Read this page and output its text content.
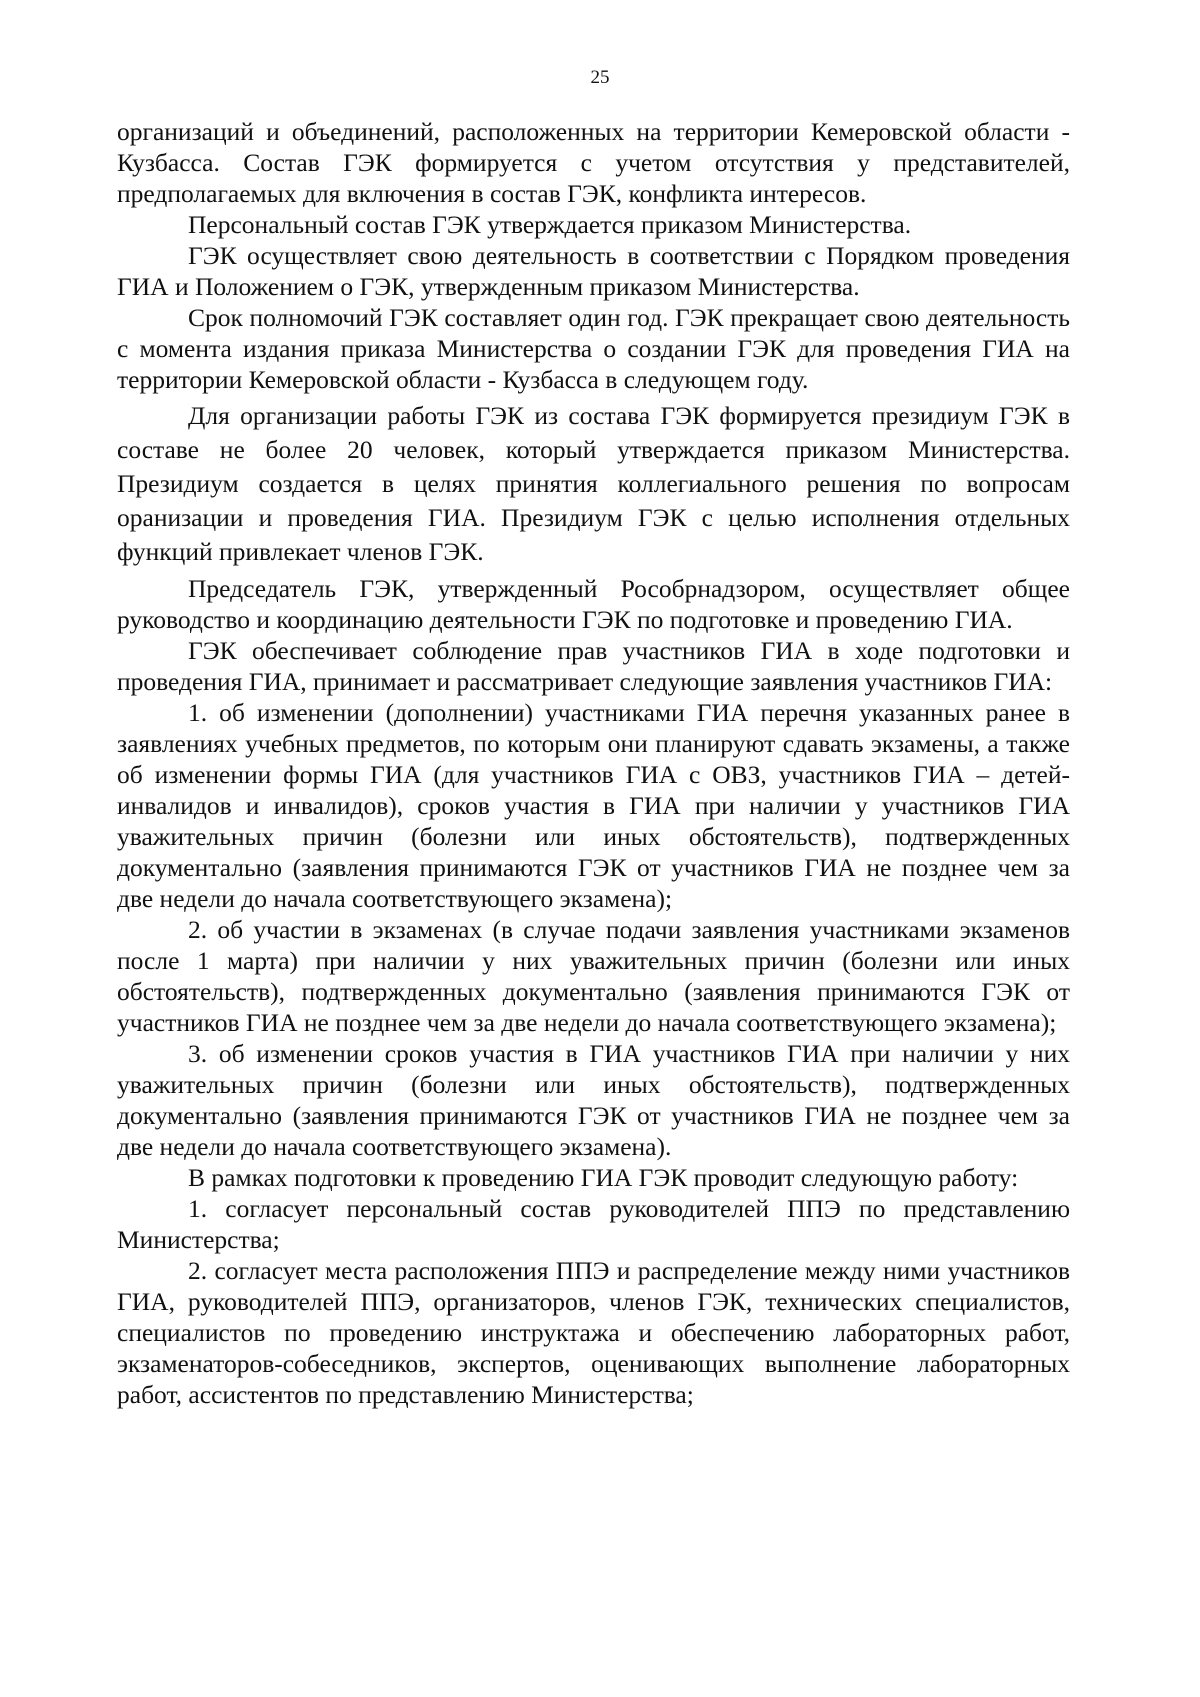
25

организаций и объединений, расположенных на территории Кемеровской области - Кузбасса. Состав ГЭК формируется с учетом отсутствия у представителей, предполагаемых для включения в состав ГЭК, конфликта интересов.

Персональный состав ГЭК утверждается приказом Министерства.

ГЭК осуществляет свою деятельность в соответствии с Порядком проведения ГИА и Положением о ГЭК, утвержденным приказом Министерства.

Срок полномочий ГЭК составляет один год. ГЭК прекращает свою деятельность с момента издания приказа Министерства о создании ГЭК для проведения ГИА на территории Кемеровской области - Кузбасса в следующем году.

Для организации работы ГЭК из состава ГЭК формируется президиум ГЭК в составе не более 20 человек, который утверждается приказом Министерства. Президиум создается в целях принятия коллегиального решения по вопросам оранизации и проведения ГИА. Президиум ГЭК с целью исполнения отдельных функций привлекает членов ГЭК.

Председатель ГЭК, утвержденный Рособрнадзором, осуществляет общее руководство и координацию деятельности ГЭК по подготовке и проведению ГИА.

ГЭК обеспечивает соблюдение прав участников ГИА в ходе подготовки и проведения ГИА, принимает и рассматривает следующие заявления участников ГИА:

1. об изменении (дополнении) участниками ГИА перечня указанных ранее в заявлениях учебных предметов, по которым они планируют сдавать экзамены, а также об изменении формы ГИА (для участников ГИА с ОВЗ, участников ГИА – детей-инвалидов и инвалидов), сроков участия в ГИА при наличии у участников ГИА уважительных причин (болезни или иных обстоятельств), подтвержденных документально (заявления принимаются ГЭК от участников ГИА не позднее чем за две недели до начала соответствующего экзамена);

2. об участии в экзаменах (в случае подачи заявления участниками экзаменов после 1 марта) при наличии у них уважительных причин (болезни или иных обстоятельств), подтвержденных документально (заявления принимаются ГЭК от участников ГИА не позднее чем за две недели до начала соответствующего экзамена);

3. об изменении сроков участия в ГИА участников ГИА при наличии у них уважительных причин (болезни или иных обстоятельств), подтвержденных документально (заявления принимаются ГЭК от участников ГИА не позднее чем за две недели до начала соответствующего экзамена).

В рамках подготовки к проведению ГИА ГЭК проводит следующую работу:

1. согласует персональный состав руководителей ППЭ по представлению Министерства;

2. согласует места расположения ППЭ и распределение между ними участников ГИА, руководителей ППЭ, организаторов, членов ГЭК, технических специалистов, специалистов по проведению инструктажа и обеспечению лабораторных работ, экзаменаторов-собеседников, экспертов, оценивающих выполнение лабораторных работ, ассистентов по представлению Министерства;
